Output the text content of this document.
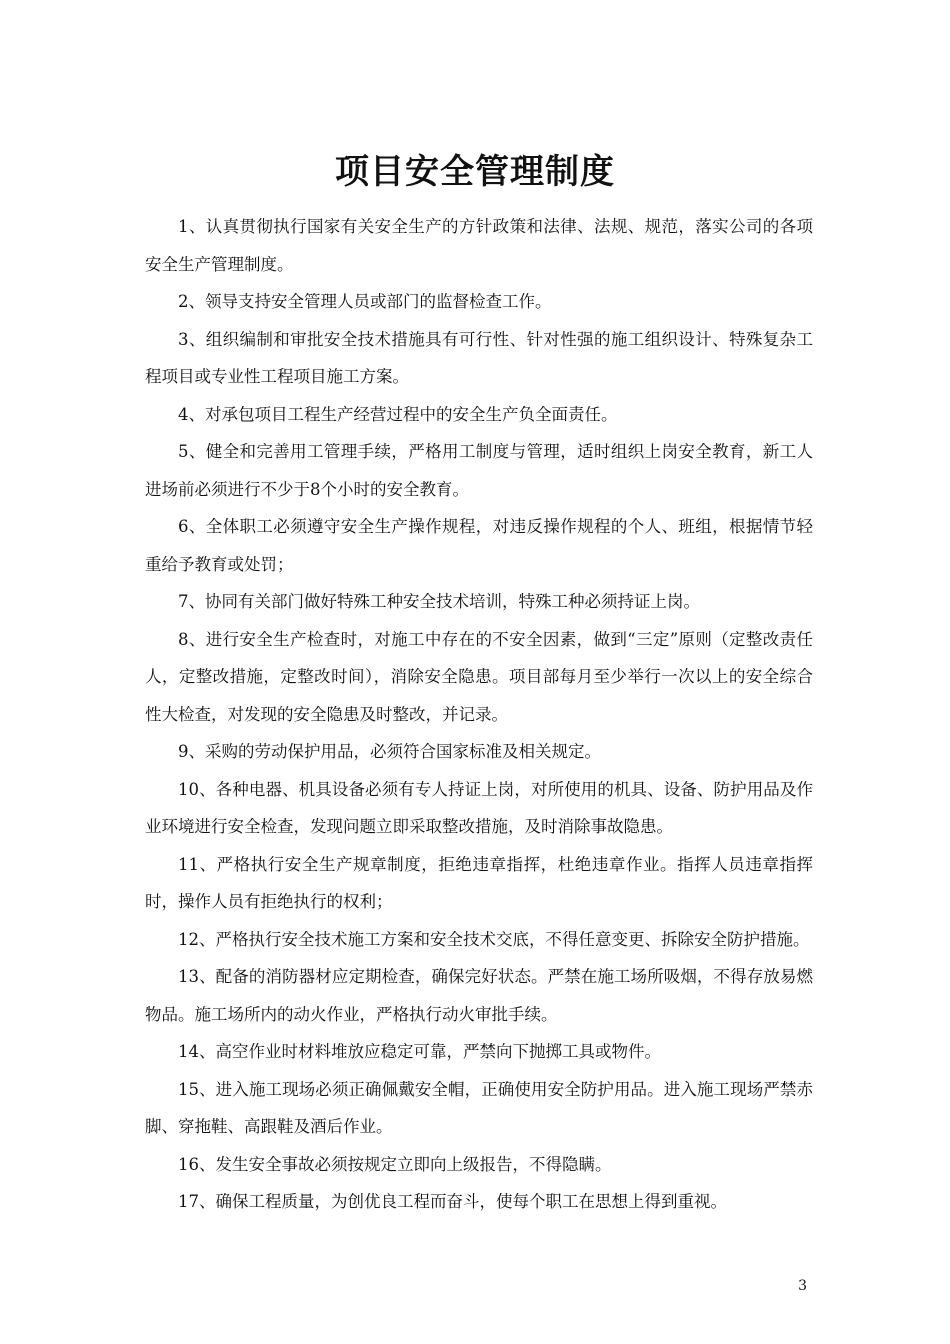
项目安全管理制度

1、认真贯彻执行国家有关安全生产的方针政策和法律、法规、规范，落实公司的各项安全生产管理制度。

2、领导支持安全管理人员或部门的监督检查工作。

3、组织编制和审批安全技术措施具有可行性、针对性强的施工组织设计、特殊复杂工程项目或专业性工程项目施工方案。

4、对承包项目工程生产经营过程中的安全生产负全面责任。

5、健全和完善用工管理手续，严格用工制度与管理，适时组织上岗安全教育，新工人进场前必须进行不少于8个小时的安全教育。

6、全体职工必须遵守安全生产操作规程，对违反操作规程的个人、班组，根据情节轻重给予教育或处罚；

7、协同有关部门做好特殊工种安全技术培训，特殊工种必须持证上岗。

8、进行安全生产检查时，对施工中存在的不安全因素，做到“三定”原则（定整改责任人，定整改措施，定整改时间），消除安全隐患。项目部每月至少举行一次以上的安全综合性大检查，对发现的安全隐患及时整改，并记录。

9、采购的劳动保护用品，必须符合国家标准及相关规定。

10、各种电器、机具设备必须有专人持证上岗，对所使用的机具、设备、防护用品及作业环境进行安全检查，发现问题立即采取整改措施，及时消除事故隐患。

11、严格执行安全生产规章制度，拒绝违章指挥，杜绝违章作业。指挥人员违章指挥时，操作人员有拒绝执行的权利；

12、严格执行安全技术施工方案和安全技术交底，不得任意变更、拆除安全防护措施。

13、配备的消防器材应定期检查，确保完好状态。严禁在施工场所吸烟，不得存放易燃物品。施工场所内的动火作业，严格执行动火审批手续。

14、高空作业时材料堆放应稳定可靠，严禁向下抛掷工具或物件。

15、进入施工现场必须正确佩戴安全帽，正确使用安全防护用品。进入施工现场严禁赤脚、穿拖鞋、高跟鞋及酒后作业。

16、发生安全事故必须按规定立即向上级报告，不得隐瞒。

17、确保工程质量，为创优良工程而奋斗，使每个职工在思想上得到重视。

3
